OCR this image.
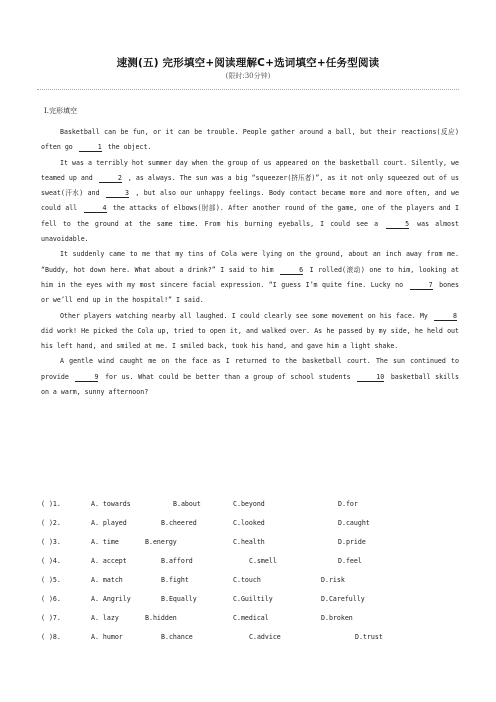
速测(五) 完形填空+阅读理解C+选词填空+任务型阅读
(限时:30分钟)
Ⅰ.完形填空

Basketball can be fun, or it can be trouble. People gather around a ball, but their reactions(反应) often go	1 the object.

It was a terribly hot summer day when the group of us appeared on the basketball court. Silently, we teamed up and	2 , as always. The sun was a big “squeezer(挤压者)”, as it not only squeezed out of us sweat(汗水) and	3 , but also our unhappy feelings. Body contact became more and more often, and we could all	4 the attacks of elbows(肘部). After another round of the game, one of the players and I fell to the ground at the same time. From his burning eyeballs, I could see a	5 was almost unavoidable.

It suddenly came to me that my tins of Cola were lying on the ground, about an inch away from me. “Buddy, hot down here. What about a drink?” I said to him	6 I rolled(滚动) one to him, looking at him in the eyes with my most sincere facial expression. “I guess I’m quite fine. Lucky no	7 bones or we’ll end up in the hospital!” I said.

Other players watching nearby all laughed. I could clearly see some movement on his face. My	8 did work! He picked the Cola up, tried to open it, and walked over. As he passed by my side, he held out his left hand, and smiled at me. I smiled back, took his hand, and gave him a light shake.

A gentle wind caught me on the face as I returned to the basketball court. The sun continued to provide	9 for us. What could be better than a group of school students	10 basketball skills on a warm, sunny afternoon?

( )1.	A. towards	B.about	C.beyond	D.for
( )2.	A. played	B.cheered	C.looked	D.caught
( )3.	A. time	B.energy	C.health	D.pride
( )4.	A. accept	B.afford	C.smell	D.feel
( )5.	A. match	B.fight	C.touch	D.risk
( )6.	A. Angrily	B.Equally	C.Guiltily	D.Carefully
( )7.	A. lazy	B.hidden	C.medical	D.broken
( )8.	A. humor	B.chance	C.advice	D.trust
